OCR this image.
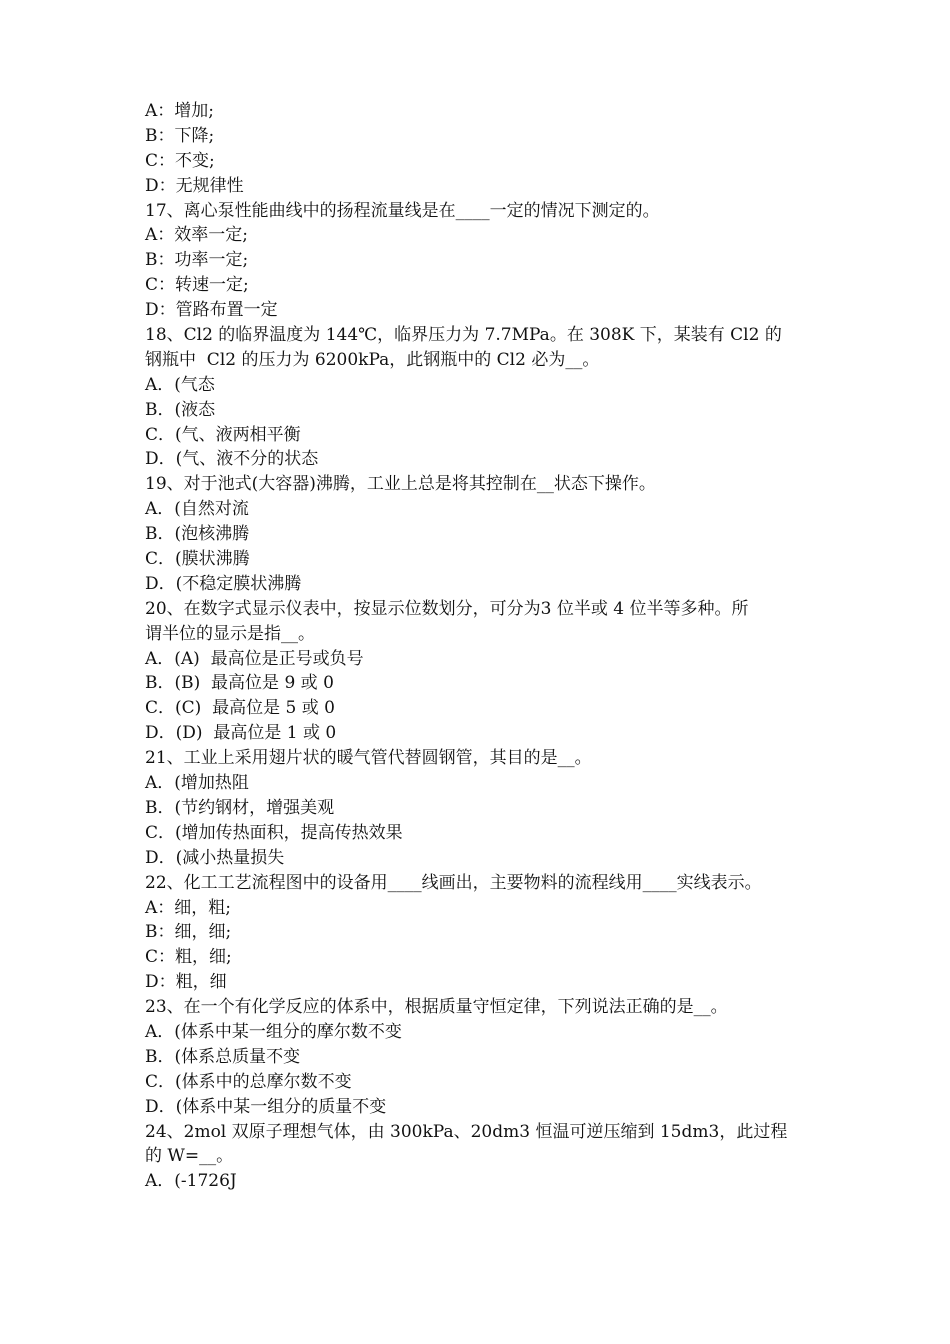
A：增加;
B：下降;
C：不变;
D：无规律性
17、离心泵性能曲线中的扬程流量线是在____一定的情况下测定的。
A：效率一定;
B：功率一定;
C：转速一定;
D：管路布置一定
18、Cl2 的临界温度为 144℃，临界压力为 7.7MPa。在 308K 下，某装有 Cl2 的
钢瓶中  Cl2 的压力为 6200kPa，此钢瓶中的 Cl2 必为__。
A．(气态
B．(液态
C．(气、液两相平衡
D．(气、液不分的状态
19、对于池式(大容器)沸腾，工业上总是将其控制在__状态下操作。
A．(自然对流
B．(泡核沸腾
C．(膜状沸腾
D．(不稳定膜状沸腾
20、在数字式显示仪表中，按显示位数划分，可分为3 位半或 4 位半等多种。所
谓半位的显示是指__。
A．(A)  最高位是正号或负号
B．(B)  最高位是 9 或 0
C．(C)  最高位是 5 或 0
D．(D)  最高位是 1 或 0
21、工业上采用翅片状的暖气管代替圆钢管，其目的是__。
A．(增加热阻
B．(节约钢材，增强美观
C．(增加传热面积，提高传热效果
D．(减小热量损失
22、化工工艺流程图中的设备用____线画出，主要物料的流程线用____实线表示。
A：细，粗;
B：细，细;
C：粗，细;
D：粗，细
23、在一个有化学反应的体系中，根据质量守恒定律，下列说法正确的是__。
A．(体系中某一组分的摩尔数不变
B．(体系总质量不变
C．(体系中的总摩尔数不变
D．(体系中某一组分的质量不变
24、2mol 双原子理想气体，由 300kPa、20dm3 恒温可逆压缩到 15dm3，此过程
的 W=__。
A．(-1726J
